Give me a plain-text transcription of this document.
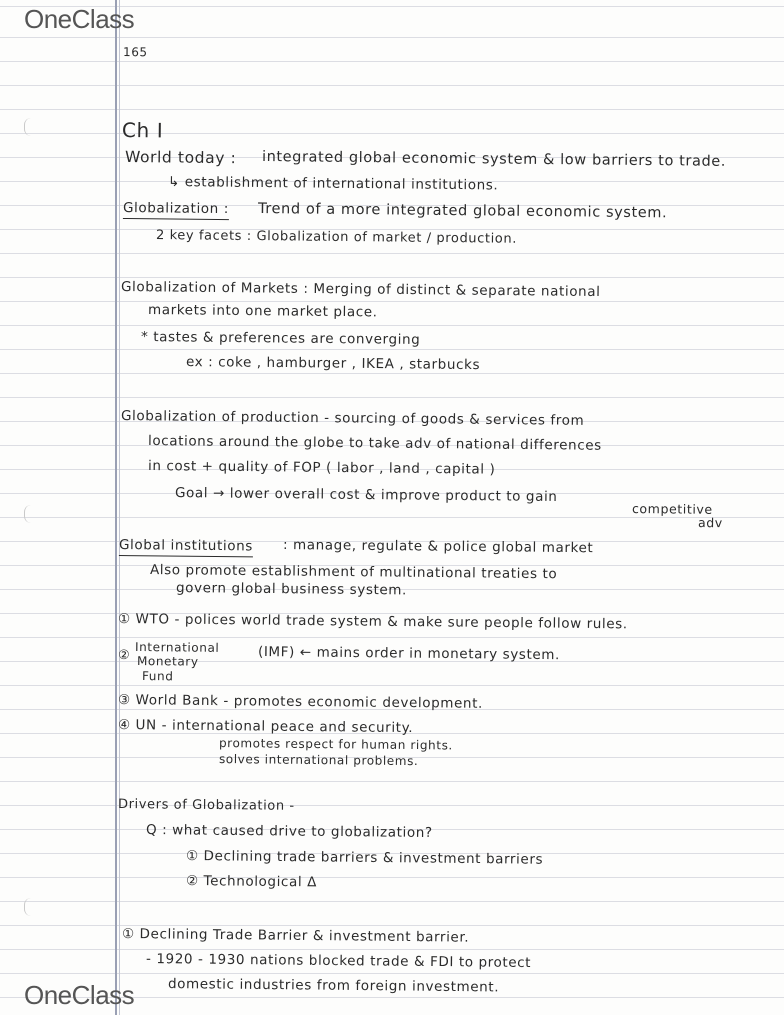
OneClass
OneClass
165
Ch I
World today : integrated global economic system & low barriers to trade.
↳ establishment of international institutions.
Globalization : Trend of a more integrated global economic system.
2 key facets : Globalization of market / production.
Globalization of Markets : Merging of distinct & separate national
markets into one market place.
* tastes & preferences are converging
ex : coke , hamburger , IKEA , starbucks
Globalization of production - sourcing of goods & services from
locations around the globe to take adv of national differences
in cost + quality of FOP ( labor , land , capital )
Goal → lower overall cost & improve product to gain
competitive
adv
Global institutions : manage, regulate & police global market
Also promote establishment of multinational treaties to
govern global business system.
① WTO - polices world trade system & make sure people follow rules.
②
International
Monetary
Fund
(IMF) ← mains order in monetary system.
③ World Bank - promotes economic development.
④ UN - international peace and security.
promotes respect for human rights.
solves international problems.
Drivers of Globalization -
Q : what caused drive to globalization?
① Declining trade barriers & investment barriers
② Technological Δ
① Declining Trade Barrier & investment barrier.
- 1920 - 1930 nations blocked trade & FDI to protect
domestic industries from foreign investment.
